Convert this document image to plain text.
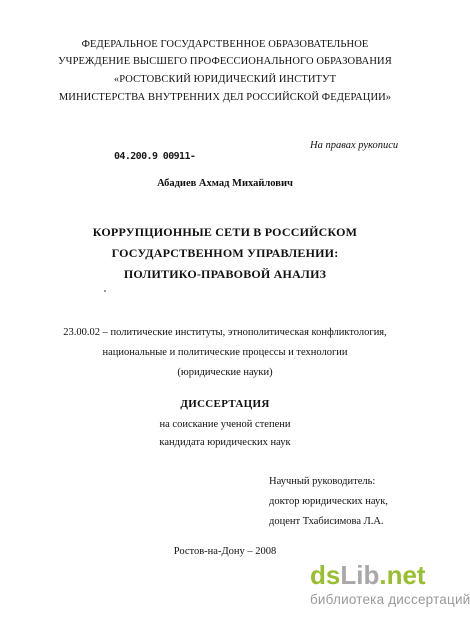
ФЕДЕРАЛЬНОЕ ГОСУДАРСТВЕННОЕ ОБРАЗОВАТЕЛЬНОЕ
УЧРЕЖДЕНИЕ ВЫСШЕГО ПРОФЕССИОНАЛЬНОГО ОБРАЗОВАНИЯ
«РОСТОВСКИЙ ЮРИДИЧЕСКИЙ ИНСТИТУТ
МИНИСТЕРСТВА ВНУТРЕННИХ ДЕЛ РОССИЙСКОЙ ФЕДЕРАЦИИ»
На правах рукописи
04.200.9 00911-
Абадиев Ахмад Михайлович
КОРРУПЦИОННЫЕ СЕТИ В РОССИЙСКОМ
ГОСУДАРСТВЕННОМ УПРАВЛЕНИИ:
ПОЛИТИКО-ПРАВОВОЙ АНАЛИЗ
23.00.02 – политические институты, этнополитическая конфликтология,
национальные и политические процессы и технологии
(юридические науки)
ДИССЕРТАЦИЯ
на соискание ученой степени
кандидата юридических наук
Научный руководитель:
доктор юридических наук,
доцент Тхабисимова Л.А.
Ростов-на-Дону – 2008
dsLib.net
библиотека диссертаций
